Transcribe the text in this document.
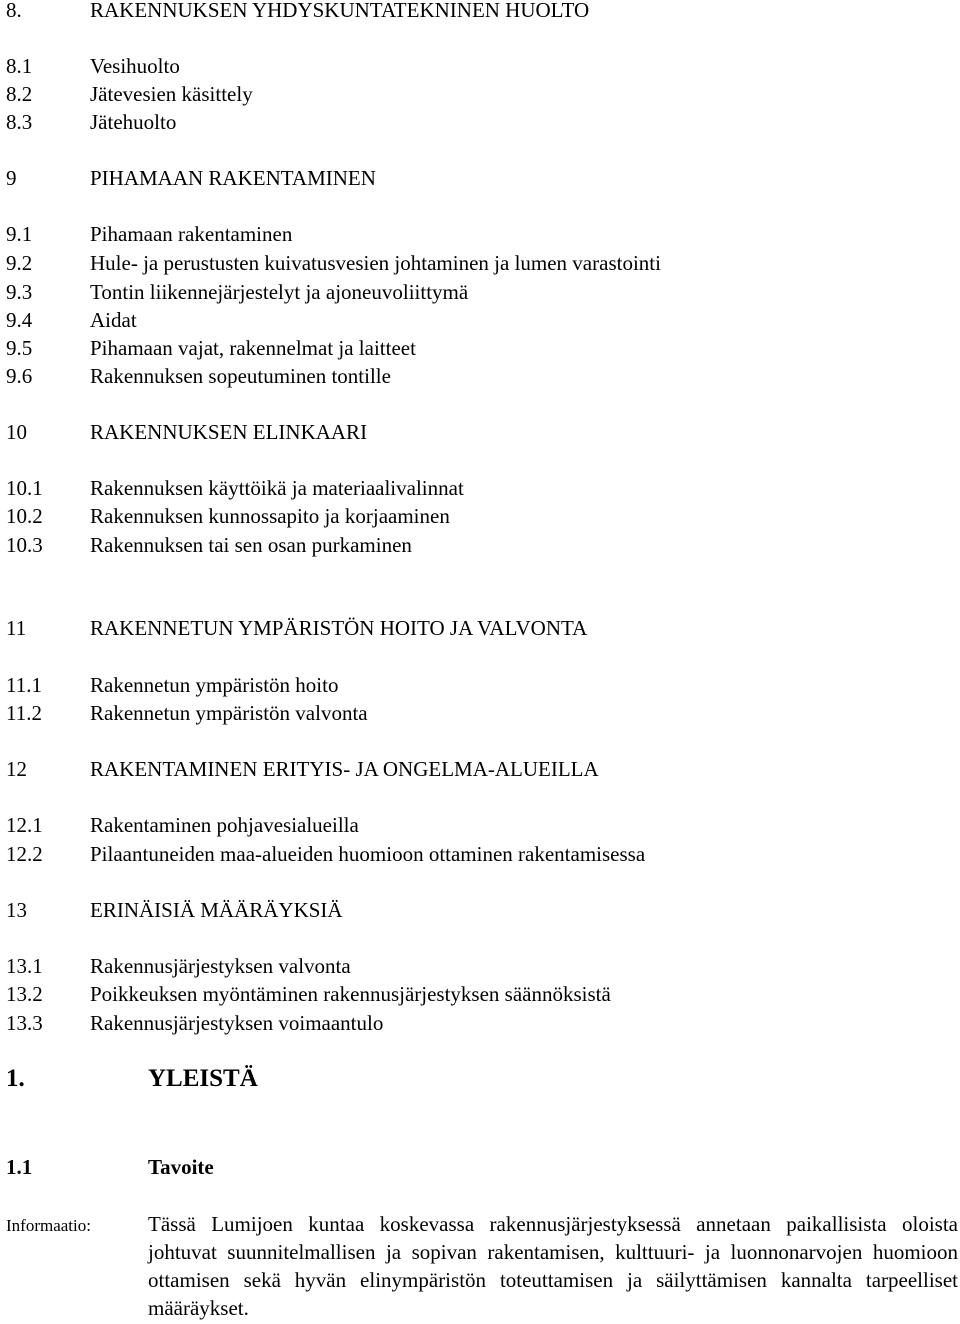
8.	RAKENNUKSEN YHDYSKUNTATEKNINEN HUOLTO
8.1	Vesihuolto
8.2	Jätevesien käsittely
8.3	Jätehuolto
9	PIHAMAAN RAKENTAMINEN
9.1	Pihamaan rakentaminen
9.2	Hule- ja perustusten kuivatusvesien johtaminen ja lumen varastointi
9.3	Tontin liikennejärjestelyt ja ajoneuvoliittymä
9.4	Aidat
9.5	Pihamaan vajat, rakennelmat ja laitteet
9.6	Rakennuksen sopeutuminen tontille
10	RAKENNUKSEN ELINKAARI
10.1 Rakennuksen käyttöikä ja materiaalivalinnat
10.2 Rakennuksen kunnossapito ja korjaaminen
10.3 Rakennuksen tai sen osan purkaminen
11	RAKENNETUN YMPÄRISTÖN HOITO JA VALVONTA
11.1 Rakennetun ympäristön hoito
11.2 Rakennetun ympäristön valvonta
12	RAKENTAMINEN ERITYIS- JA ONGELMA-ALUEILLA
12.1 Rakentaminen pohjavesialueilla
12.2 Pilaantuneiden maa-alueiden huomioon ottaminen rakentamisessa
13	ERINÄISIÄ MÄÄRÄYKSIÄ
13.1 Rakennusjärjestyksen valvonta
13.2 Poikkeuksen myöntäminen rakennusjärjestyksen säännöksistä
13.3 Rakennusjärjestyksen voimaantulo
1.	YLEISTÄ
1.1	Tavoite
Informaatio:	Tässä Lumijoen kuntaa koskevassa rakennusjärjestyksessä annetaan paikallisista oloista johtuvat suunnitelmallisen ja sopivan rakentamisen, kulttuuri- ja luonnonarvojen huomioon ottamisen sekä hyvän elinympäristön toteuttamisen ja säilyttämisen kannalta tarpeelliset määräykset.
